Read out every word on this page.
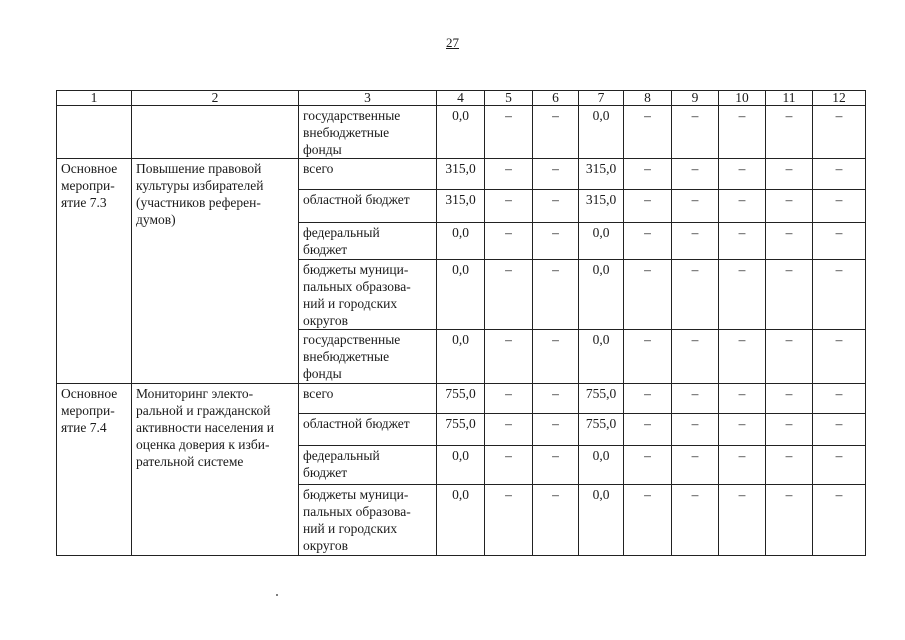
27
1	2	3	4	5	6	7	8	9	10	11	12
		государственные
внебюджетные
фонды	0,0	–	–	0,0	–	–	–	–	–
Основное
меропри-
ятие 7.3	Повышение правовой
культуры избирателей
(участников референ-
думов)	всего	315,0	–	–	315,0	–	–	–	–	–
		областной бюджет	315,0	–	–	315,0	–	–	–	–	–
		федеральный
бюджет	0,0	–	–	0,0	–	–	–	–	–
		бюджеты муници-
пальных образова-
ний и городских
округов	0,0	–	–	0,0	–	–	–	–	–
		государственные
внебюджетные
фонды	0,0	–	–	0,0	–	–	–	–	–
Основное
меропри-
ятие 7.4	Мониторинг электо-
ральной и гражданской
активности населения и
оценка доверия к изби-
рательной системе	всего	755,0	–	–	755,0	–	–	–	–	–
		областной бюджет	755,0	–	–	755,0	–	–	–	–	–
		федеральный
бюджет	0,0	–	–	0,0	–	–	–	–	–
		бюджеты муници-
пальных образова-
ний и городских
округов	0,0	–	–	0,0	–	–	–	–	–
